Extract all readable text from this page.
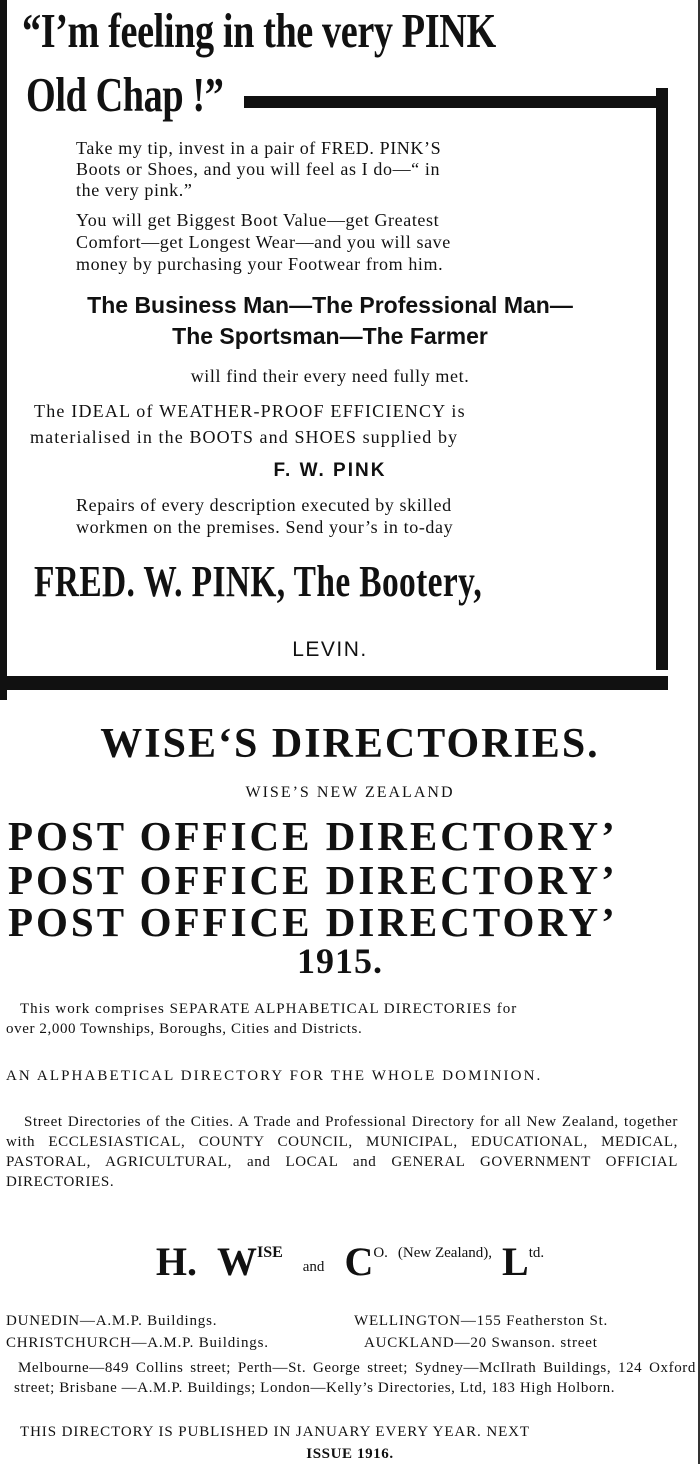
“I’m feeling in the very PINK
Old Chap !”
Take my tip, invest in a pair of FRED. PINK’S
Boots or Shoes, and you will feel as I do—“ in
the very pink.”
You will get Biggest Boot Value—get Greatest
Comfort—get Longest Wear—and you will save
money by purchasing your Footwear from him.
The Business Man—The Professional Man—
The Sportsman—The Farmer
will find their every need fully met.
The IDEAL of WEATHER-PROOF EFFICIENCY is
materialised in the BOOTS and SHOES supplied by
F. W. PINK
Repairs of every description executed by skilled
workmen on the premises. Send your’s in to-day
FRED. W. PINK, The Bootery,
LEVIN.
WISE‘S DIRECTORIES.
WISE’S NEW ZEALAND
POST OFFICE DIRECTORY’
POST OFFICE DIRECTORY’
POST OFFICE DIRECTORY’
1915.
This work comprises SEPARATE ALPHABETICAL DIRECTORIES for
over 2,000 Townships, Boroughs, Cities and Districts.
AN ALPHABETICAL DIRECTORY FOR THE WHOLE DOMINION.
Street Directories of the Cities. A Trade and Professional Directory for all New Zealand, together with ECCLESIASTICAL, COUNTY COUNCIL, MUNICIPAL, EDUCATIONAL, MEDICAL, PASTORAL, AGRICULTURAL, and LOCAL and GENERAL GOVERNMENT OFFICIAL DIRECTORIES.
H. $W^{ISE}$  and $C^{O.}$ $^{(New Zealand),}$ $L^{td.}$
DUNEDIN—A.M.P. Buildings.	WELLINGTON—155 Featherston St.
CHRISTCHURCH—A.M.P. Buildings.	AUCKLAND—20 Swanson. street
Melbourne—849 Collins street; Perth—St. George street; Sydney—McIlrath Buildings, 124 Oxford street; Brisbane —A.M.P. Buildings; London—Kelly’s Directories, Ltd, 183 High Holborn.
THIS DIRECTORY IS PUBLISHED IN JANUARY EVERY YEAR. NEXT
ISSUE 1916.
